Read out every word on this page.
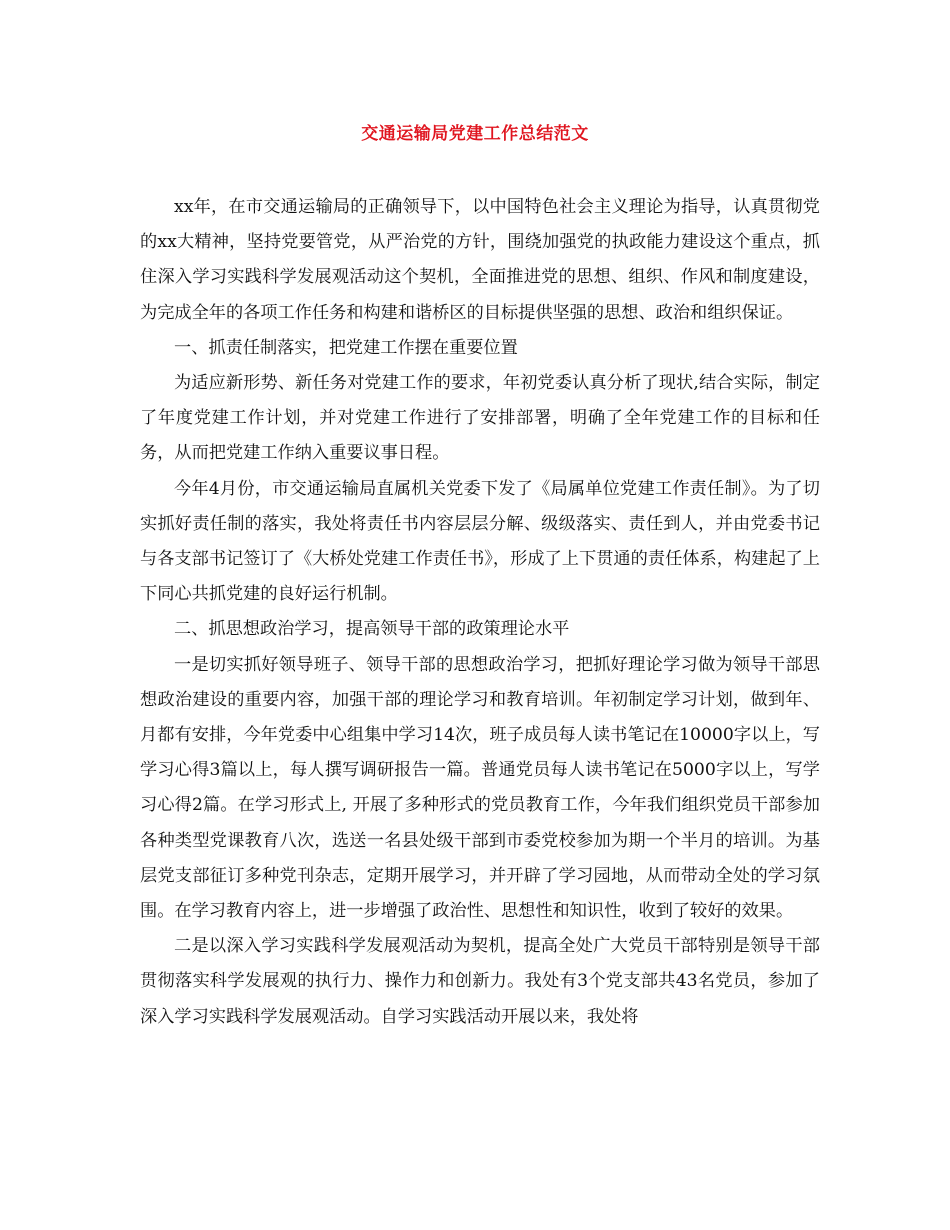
交通运输局党建工作总结范文

xx年，在市交通运输局的正确领导下，以中国特色社会主义理论为指导，认真贯彻党的xx大精神，坚持党要管党，从严治党的方针，围绕加强党的执政能力建设这个重点，抓住深入学习实践科学发展观活动这个契机，全面推进党的思想、组织、作风和制度建设，为完成全年的各项工作任务和构建和谐桥区的目标提供坚强的思想、政治和组织保证。

一、抓责任制落实，把党建工作摆在重要位置

为适应新形势、新任务对党建工作的要求，年初党委认真分析了现状,结合实际，制定了年度党建工作计划，并对党建工作进行了安排部署，明确了全年党建工作的目标和任务，从而把党建工作纳入重要议事日程。

今年4月份，市交通运输局直属机关党委下发了《局属单位党建工作责任制》。为了切实抓好责任制的落实，我处将责任书内容层层分解、级级落实、责任到人，并由党委书记与各支部书记签订了《大桥处党建工作责任书》，形成了上下贯通的责任体系，构建起了上下同心共抓党建的良好运行机制。

二、抓思想政治学习，提高领导干部的政策理论水平

一是切实抓好领导班子、领导干部的思想政治学习，把抓好理论学习做为领导干部思想政治建设的重要内容，加强干部的理论学习和教育培训。年初制定学习计划，做到年、月都有安排，今年党委中心组集中学习14次，班子成员每人读书笔记在10000字以上，写学习心得3篇以上，每人撰写调研报告一篇。普通党员每人读书笔记在5000字以上，写学习心得2篇。在学习形式上, 开展了多种形式的党员教育工作，今年我们组织党员干部参加各种类型党课教育八次，选送一名县处级干部到市委党校参加为期一个半月的培训。为基层党支部征订多种党刊杂志，定期开展学习，并开辟了学习园地，从而带动全处的学习氛围。在学习教育内容上，进一步增强了政治性、思想性和知识性，收到了较好的效果。

二是以深入学习实践科学发展观活动为契机，提高全处广大党员干部特别是领导干部贯彻落实科学发展观的执行力、操作力和创新力。我处有3个党支部共43名党员，参加了深入学习实践科学发展观活动。自学习实践活动开展以来，我处将
